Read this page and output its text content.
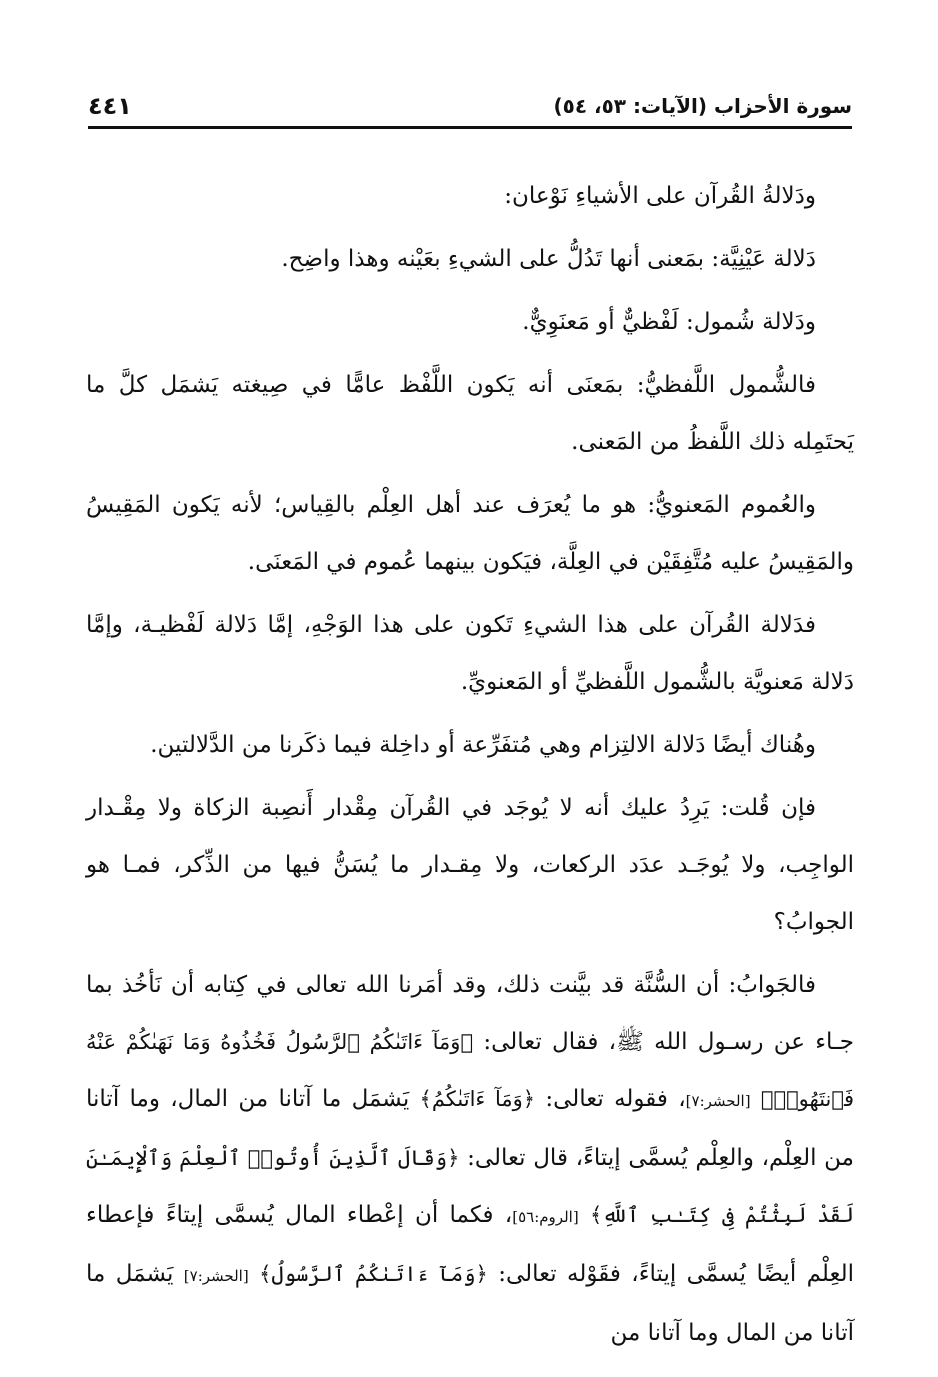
سورة الأحزاب (الآيات: ٥٣، ٥٤)
٤٤١

ودَلالةُ القُرآن على الأشياءِ نَوْعان:

دَلالة عَيْنِيَّة: بمَعنى أنها تَدُلُّ على الشيءِ بعَيْنه وهذا واضِح.

ودَلالة شُمول: لَفْظيٌّ أو مَعنَوِيٌّ.

فالشُّمول اللَّفظيُّ: بمَعنَى أنه يَكون اللَّفْظ عامًّا في صِيغته يَشمَل كلَّ ما يَحتَمِله ذلك اللَّفظُ من المَعنى.

والعُموم المَعنويُّ: هو ما يُعرَف عند أهل العِلْم بالقِياس؛ لأنه يَكون المَقِيسُ والمَقِيسُ عليه مُتَّفِقَيْن في العِلَّة، فيَكون بينهما عُموم في المَعنَى.

فدَلالة القُرآن على هذا الشيءِ تَكون على هذا الوَجْهِ، إمَّا دَلالة لَفْظيـة، وإمَّا دَلالة مَعنويَّة بالشُّمول اللَّفظيِّ أو المَعنويِّ.

وهُناك أيضًا دَلالة الالتِزام وهي مُتفَرِّعة أو داخِلة فيما ذكَرنا من الدَّلالتين.

فإن قُلت: يَرِدُ عليك أنه لا يُوجَد في القُرآن مِقْدار أَنصِبة الزكاة ولا مِقْـدار الواجِب، ولا يُوجَـد عدَد الركعات، ولا مِقـدار ما يُسَنُّ فيها من الذِّكر، فمـا هو الجوابُ؟

فالجَوابُ: أن السُّنَّة قد بيَّنت ذلك، وقد أمَرنا الله تعالى في كِتابه أن نَأخُذ بما جـاء عن رسـول الله ﷺ، فقال تعالى: ﴿وَمَآ ءَاتَىٰكُمُ ٱلرَّسُولُ فَخُذُوهُ وَمَا نَهَىٰكُمْ عَنْهُ فَٱنتَهُوا۟﴾ [الحشر:٧]، فقوله تعالى: ﴿وَمَآ ءَاتَىٰكُمُ﴾ يَشمَل ما آتانا من المال، وما آتانا من العِلْم، والعِلْم يُسمَّى إيتاءً، قال تعالى: ﴿وَقَالَ ٱلَّذِينَ أُوتُوا۟ ٱلْعِلْمَ وَٱلْإِيمَـٰنَ لَقَدْ لَبِثْتُمْ فِى كِتَـٰبِ ٱللَّهِ﴾ [الروم:٥٦]، فكما أن إعْطاء المال يُسمَّى إيتاءً فإعطاء العِلْم أيضًا يُسمَّى إيتاءً، فقَوْله تعالى: ﴿وَمَآ ءَاتَىٰكُمُ ٱلرَّسُولُ﴾ [الحشر:٧] يَشمَل ما آتانا من المال وما آتانا من
